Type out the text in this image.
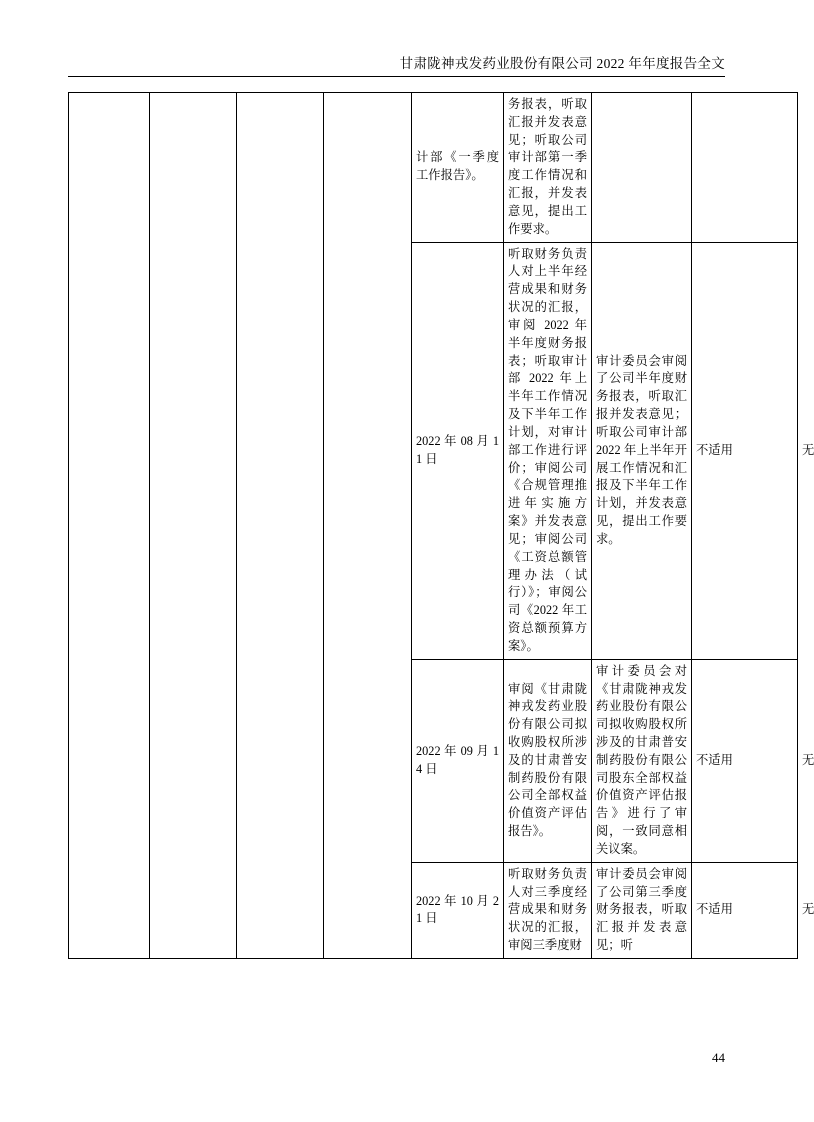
甘肃陇神戎发药业股份有限公司 2022 年年度报告全文
				计部《一季度工作报告》。	务报表，听取汇报并发表意见；听取公司审计部第一季度工作情况和汇报，并发表意见，提出工作要求。			
				2022 年 08 月 11 日	听取财务负责人对上半年经营成果和财务状况的汇报，审阅 2022 年半年度财务报表；听取审计部 2022 年上半年工作情况及下半年工作计划，对审计部工作进行评价；审阅公司《合规管理推进年实施方案》并发表意见；审阅公司《工资总额管理办法（试行）》；审阅公司《2022 年工资总额预算方案》。	审计委员会审阅了公司半年度财务报表，听取汇报并发表意见；听取公司审计部 2022 年上半年开展工作情况和汇报及下半年工作计划，并发表意见，提出工作要求。	不适用	无
				2022 年 09 月 14 日	审阅《甘肃陇神戎发药业股份有限公司拟收购股权所涉及的甘肃普安制药股份有限公司全部权益价值资产评估报告》。	审计委员会对《甘肃陇神戎发药业股份有限公司拟收购股权所涉及的甘肃普安制药股份有限公司股东全部权益价值资产评估报告》进行了审阅，一致同意相关议案。	不适用	无
				2022 年 10 月 21 日	听取财务负责人对三季度经营成果和财务状况的汇报，审阅三季度财	审计委员会审阅了公司第三季度财务报表，听取汇报并发表意见；听	不适用	无
44
